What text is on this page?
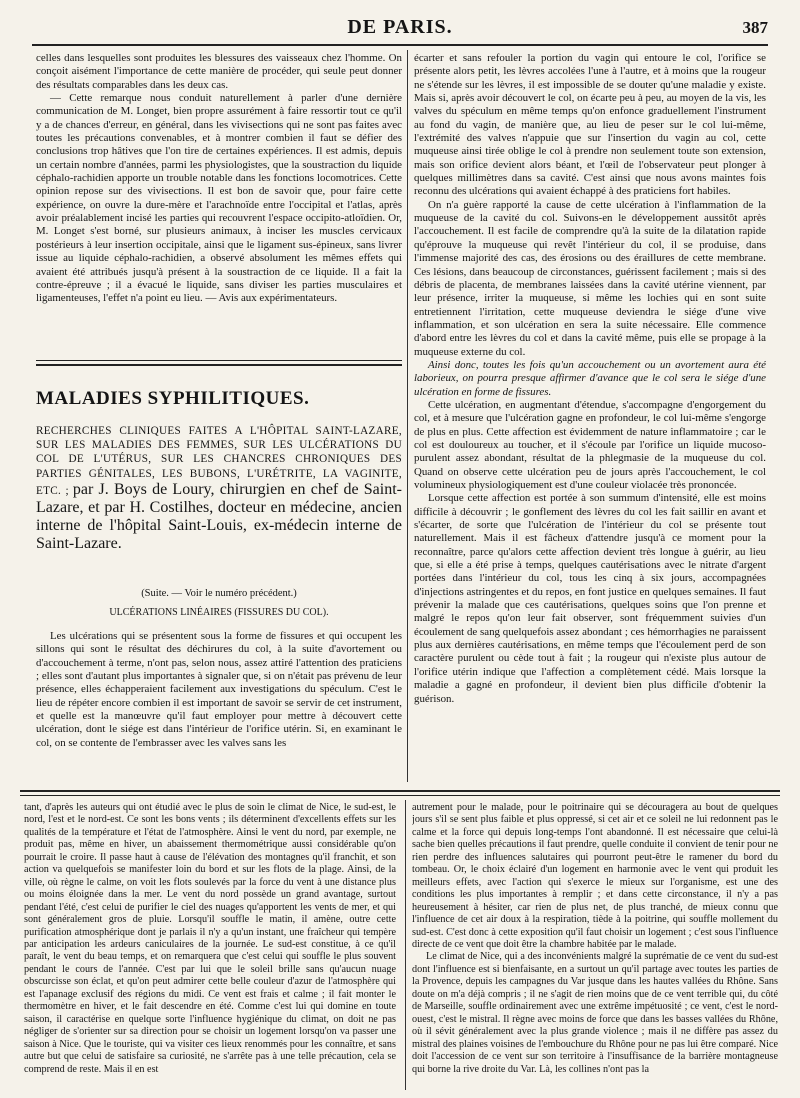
DE PARIS.	387

celles dans lesquelles sont produites les blessures des vaisseaux chez l'homme. On conçoit aisément l'importance de cette manière de procéder, qui seule peut donner des résultats comparables dans les deux cas.

— Cette remarque nous conduit naturellement à parler d'une dernière communication de M. Longet, bien propre assurément à faire ressortir tout ce qu'il y a de chances d'erreur, en général, dans les vivisections qui ne sont pas faites avec toutes les précautions convenables, et à montrer combien il faut se défier des conclusions trop hâtives que l'on tire de certaines expériences. Il est admis, depuis un certain nombre d'années, parmi les physiologistes, que la soustraction du liquide céphalo-rachidien apporte un trouble notable dans les fonctions locomotrices. Cette opinion repose sur des vivisections. Il est bon de savoir que, pour faire cette expérience, on ouvre la dure-mère et l'arachnoïde entre l'occipital et l'atlas, après avoir préalablement incisé les parties qui recouvrent l'espace occipito-atloïdien. Or, M. Longet s'est borné, sur plusieurs animaux, à inciser les muscles cervicaux postérieurs à leur insertion occipitale, ainsi que le ligament sus-épineux, sans livrer issue au liquide céphalo-rachidien, a observé absolument les mêmes effets qui avaient été attribués jusqu'à présent à la soustraction de ce liquide. Il a fait la contre-épreuve ; il a évacué le liquide, sans diviser les parties musculaires et ligamenteuses, l'effet n'a point eu lieu. — Avis aux expérimentateurs.

MALADIES SYPHILITIQUES.
RECHERCHES CLINIQUES FAITES A L'HÔPITAL SAINT-LAZARE, SUR LES MALADIES DES FEMMES, SUR LES ULCÉRATIONS DU COL DE L'UTÉRUS, SUR LES CHANCRES CHRONIQUES DES PARTIES GÉNITALES, LES BUBONS, L'URÉTRITE, LA VAGINITE, ETC. ; par J. Boys de Loury, chirurgien en chef de Saint-Lazare, et par H. Costilhes, docteur en médecine, ancien interne de l'hôpital Saint-Louis, ex-médecin interne de Saint-Lazare.
(Suite. — Voir le numéro précédent.)
ULCÉRATIONS LINÉAIRES (FISSURES DU COL).

Les ulcérations qui se présentent sous la forme de fissures et qui occupent les sillons qui sont le résultat des déchirures du col, à la suite d'avortement ou d'accouchement à terme, n'ont pas, selon nous, assez attiré l'attention des praticiens ; elles sont d'autant plus importantes à signaler que, si on n'était pas prévenu de leur présence, elles échapperaient facilement aux investigations du spéculum. C'est le lieu de répéter encore combien il est important de savoir se servir de cet instrument, et quelle est la manœuvre qu'il faut employer pour mettre à découvert cette ulcération, dont le siége est dans l'intérieur de l'orifice utérin. Si, en examinant le col, on se contente de l'embrasser avec les valves sans les

écarter et sans refouler la portion du vagin qui entoure le col, l'orifice se présente alors petit, les lèvres accolées l'une à l'autre, et à moins que la rougeur ne s'étende sur les lèvres, il est impossible de se douter qu'une maladie y existe. Mais si, après avoir découvert le col, on écarte peu à peu, au moyen de la vis, les valves du spéculum en même temps qu'on enfonce graduellement l'instrument au fond du vagin, de manière que, au lieu de peser sur le col lui-même, l'extrémité des valves n'appuie que sur l'insertion du vagin au col, cette muqueuse ainsi tirée oblige le col à prendre non seulement toute son extension, mais son orifice devient alors béant, et l'œil de l'observateur peut plonger à quelques millimètres dans sa cavité. C'est ainsi que nous avons maintes fois reconnu des ulcérations qui avaient échappé à des praticiens fort habiles.

On n'a guère rapporté la cause de cette ulcération à l'inflammation de la muqueuse de la cavité du col. Suivons-en le développement aussitôt après l'accouchement. Il est facile de comprendre qu'à la suite de la dilatation rapide qu'éprouve la muqueuse qui revêt l'intérieur du col, il se produise, dans l'immense majorité des cas, des érosions ou des éraillures de cette membrane. Ces lésions, dans beaucoup de circonstances, guérissent facilement ; mais si des débris de placenta, de membranes laissées dans la cavité utérine viennent, par leur présence, irriter la muqueuse, si même les lochies qui en sont suite entretiennent l'irritation, cette muqueuse deviendra le siége d'une vive inflammation, et son ulcération en sera la suite nécessaire. Elle commence d'abord entre les lèvres du col et dans la cavité même, puis elle se propage à la muqueuse externe du col.

Ainsi donc, toutes les fois qu'un accouchement ou un avortement aura été laborieux, on pourra presque affirmer d'avance que le col sera le siége d'une ulcération en forme de fissures.

Cette ulcération, en augmentant d'étendue, s'accompagne d'engorgement du col, et à mesure que l'ulcération gagne en profondeur, le col lui-même s'engorge de plus en plus. Cette affection est évidemment de nature inflammatoire ; car le col est douloureux au toucher, et il s'écoule par l'orifice un liquide mucoso-purulent assez abondant, résultat de la phlegmasie de la muqueuse du col. Quand on observe cette ulcération peu de jours après l'accouchement, le col volumineux physiologiquement est d'une couleur violacée très prononcée.

Lorsque cette affection est portée à son summum d'intensité, elle est moins difficile à découvrir ; le gonflement des lèvres du col les fait saillir en avant et s'écarter, de sorte que l'ulcération de l'intérieur du col se présente tout naturellement. Mais il est fâcheux d'attendre jusqu'à ce moment pour la reconnaître, parce qu'alors cette affection devient très longue à guérir, au lieu que, si elle a été prise à temps, quelques cautérisations avec le nitrate d'argent portées dans l'intérieur du col, tous les cinq à six jours, accompagnées d'injections astringentes et du repos, en font justice en quelques semaines. Il faut prévenir la malade que ces cautérisations, quelques soins que l'on prenne et malgré le repos qu'on leur fait observer, sont fréquemment suivies d'un écoulement de sang quelquefois assez abondant ; ces hémorrhagies ne paraissent plus aux dernières cautérisations, en même temps que l'écoulement perd de son caractère purulent ou cède tout à fait ; la rougeur qui n'existe plus autour de l'orifice utérin indique que l'affection a complètement cédé. Mais lorsque la maladie a gagné en profondeur, il devient bien plus difficile d'obtenir la guérison.

tant, d'après les auteurs qui ont étudié avec le plus de soin le climat de Nice, le sud-est, le nord, l'est et le nord-est. Ce sont les bons vents ; ils déterminent d'excellents effets sur les qualités de la température et l'état de l'atmosphère. Ainsi le vent du nord, par exemple, ne produit pas, même en hiver, un abaissement thermométrique aussi considérable qu'on pourrait le croire. Il passe haut à cause de l'élévation des montagnes qu'il franchit, et son action va quelquefois se manifester loin du bord et sur les flots de la plage. Ainsi, de la ville, où règne le calme, on voit les flots soulevés par la force du vent à une distance plus ou moins éloignée dans la mer. Le vent du nord possède un grand avantage, surtout pendant l'été, c'est celui de purifier le ciel des nuages qu'apportent les vents de mer, et qui sont généralement gros de pluie. Lorsqu'il souffle le matin, il amène, outre cette purification atmosphérique dont je parlais il n'y a qu'un instant, une fraîcheur qui tempère par anticipation les ardeurs caniculaires de la journée. Le sud-est constitue, à ce qu'il paraît, le vent du beau temps, et on remarquera que c'est celui qui souffle le plus souvent pendant le cours de l'année. C'est par lui que le soleil brille sans qu'aucun nuage obscurcisse son éclat, et qu'on peut admirer cette belle couleur d'azur de l'atmosphère qui est l'apanage exclusif des régions du midi. Ce vent est frais et calme ; il fait monter le thermomètre en hiver, et le fait descendre en été. Comme c'est lui qui domine en toute saison, il caractérise en quelque sorte l'influence hygiénique du climat, on doit ne pas négliger de s'orienter sur sa direction pour se choisir un logement lorsqu'on va passer une saison à Nice. Que le touriste, qui va visiter ces lieux renommés pour les connaître, et sans autre but que celui de satisfaire sa curiosité, ne s'arrête pas à une telle précaution, cela se comprend de reste. Mais il en est

autrement pour le malade, pour le poitrinaire qui se découragera au bout de quelques jours s'il se sent plus faible et plus oppressé, si cet air et ce soleil ne lui redonnent pas le calme et la force qui depuis long-temps l'ont abandonné. Il est nécessaire que celui-là sache bien quelles précautions il faut prendre, quelle conduite il convient de tenir pour ne rien perdre des influences salutaires qui pourront peut-être le ramener du bord du tombeau. Or, le choix éclairé d'un logement en harmonie avec le vent qui produit les meilleurs effets, avec l'action qui s'exerce le mieux sur l'organisme, est une des conditions les plus importantes à remplir ; et dans cette circonstance, il n'y a pas heureusement à hésiter, car rien de plus net, de plus tranché, de mieux connu que l'influence de cet air doux à la respiration, tiède à la poitrine, qui souffle mollement du sud-est. C'est donc à cette exposition qu'il faut choisir un logement ; c'est sous l'influence directe de ce vent que doit être la chambre habitée par le malade.

Le climat de Nice, qui a des inconvénients malgré la suprématie de ce vent du sud-est dont l'influence est si bienfaisante, en a surtout un qu'il partage avec toutes les parties de la Provence, depuis les campagnes du Var jusque dans les hautes vallées du Rhône. Sans doute on m'a déjà compris ; il ne s'agit de rien moins que de ce vent terrible qui, du côté de Marseille, souffle ordinairement avec une extrême impétuosité ; ce vent, c'est le nord-ouest, c'est le mistral. Il règne avec moins de force que dans les basses vallées du Rhône, où il sévit généralement avec la plus grande violence ; mais il ne diffère pas assez du mistral des plaines voisines de l'embouchure du Rhône pour ne pas lui être comparé. Nice doit l'accession de ce vent sur son territoire à l'insuffisance de la barrière montagneuse qui borne la rive droite du Var. Là, les collines n'ont pas la
